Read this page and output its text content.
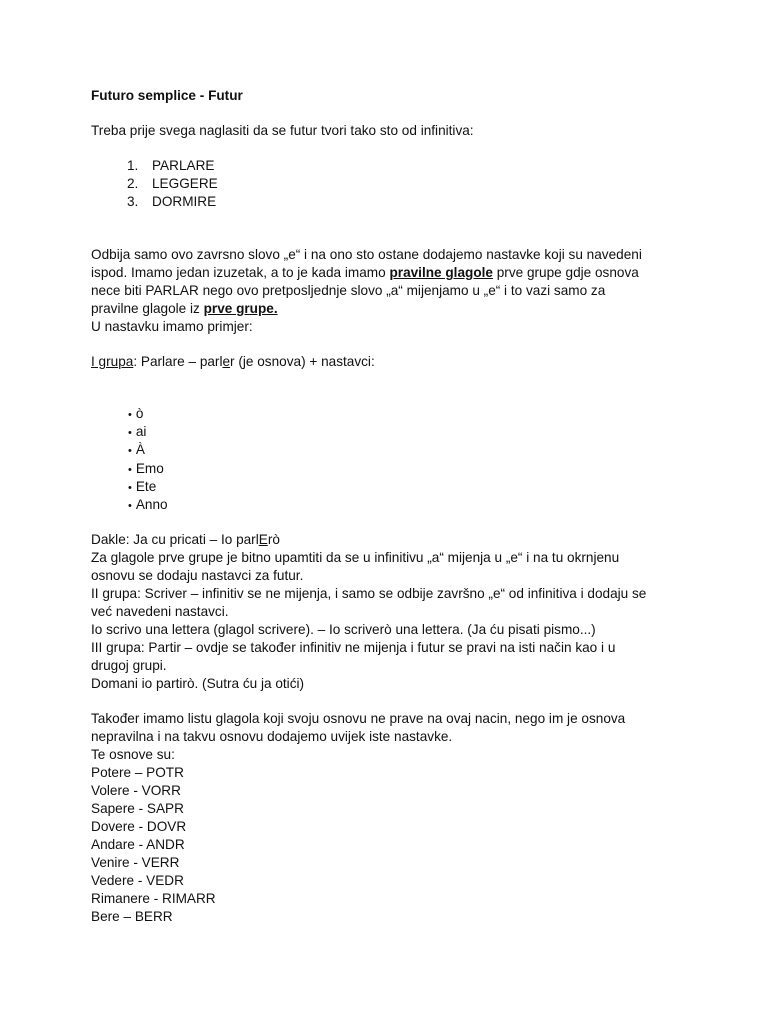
Futuro semplice - Futur
Treba prije svega naglasiti da se futur tvori tako sto od infinitiva:
1. PARLARE
2. LEGGERE
3. DORMIRE
Odbija samo ovo zavrsno slovo „e“ i na ono sto ostane dodajemo nastavke koji su navedeni
ispod. Imamo jedan izuzetak, a to je kada imamo pravilne glagole prve grupe gdje osnova
nece biti PARLAR nego ovo pretposljednje slovo „a“ mijenjamo u „e“ i to vazi samo za
pravilne glagole iz prve grupe.
U nastavku imamo primjer:
I grupa: Parlare – parler (je osnova) + nastavci:
• ò
• ai
• À
• Emo
• Ete
• Anno
Dakle: Ja cu pricati – Io parlErò
Za glagole prve grupe je bitno upamtiti da se u infinitivu „a“ mijenja u „e“ i na tu okrnjenu
osnovu se dodaju nastavci za futur.
II grupa: Scriver – infinitiv se ne mijenja, i samo se odbije završno „e“ od infinitiva i dodaju se
već navedeni nastavci.
Io scrivo una lettera (glagol scrivere). – Io scriverò una lettera. (Ja ću pisati pismo...)
III grupa: Partir – ovdje se također infinitiv ne mijenja i futur se pravi na isti način kao i u
drugoj grupi.
Domani io partirò. (Sutra ću ja otići)
Također imamo listu glagola koji svoju osnovu ne prave na ovaj nacin, nego im je osnova
nepravilna i na takvu osnovu dodajemo uvijek iste nastavke.
Te osnove su:
Potere – POTR
Volere - VORR
Sapere - SAPR
Dovere - DOVR
Andare - ANDR
Venire - VERR
Vedere - VEDR
Rimanere - RIMARR
Bere – BERR
